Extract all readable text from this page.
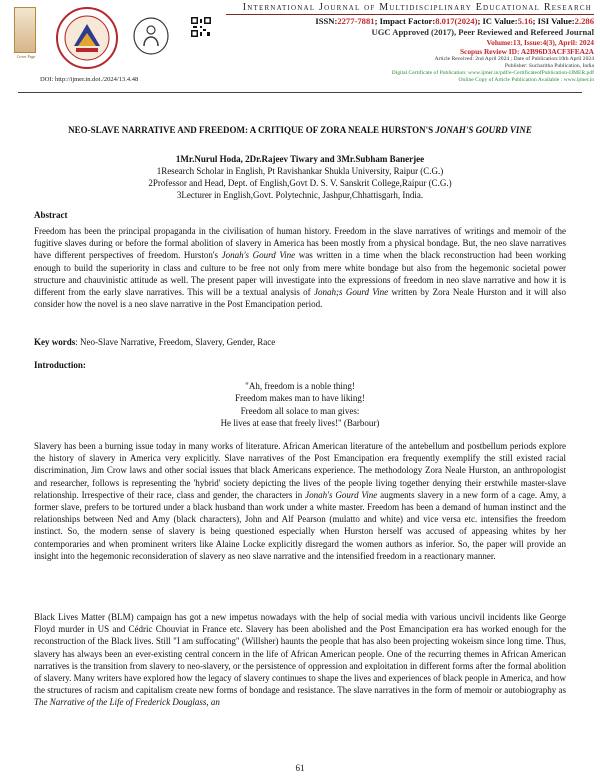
Cover Page
International Journal of Multidisciplinary Educational Research
ISSN:2277-7881; Impact Factor:8.017(2024); IC Value:5.16; ISI Value:2.286
UGC Approved (2017), Peer Reviewed and Refereed Journal
Volume:13, Issue:4(3), April: 2024
Scopus Review ID: A2B96D3ACF3FEA2A
Article Received: 2nd April 2024 ; Date of Publication:10th April 2024
Publisher: Sucharitha Publication, India
Digital Certificate of Publication: www.ijmer.in/pdf/e-CertificateofPublication-IJMER.pdf
Online Copy of Article Publication Available : www.ijmer.in
DOI: http://ijmer.in.doi./2024/13.4.48
NEO-SLAVE NARRATIVE AND FREEDOM: A CRITIQUE OF ZORA NEALE HURSTON'S JONAH'S GOURD VINE
1Mr.Nurul Hoda, 2Dr.Rajeev Tiwary and 3Mr.Subham Banerjee
1Research Scholar in English, Pt Ravishankar Shukla University, Raipur (C.G.)
2Professor and Head, Dept. of English,Govt D. S. V. Sanskrit College,Raipur (C.G.)
3Lecturer in English,Govt. Polytechnic, Jashpur,Chhattisgarh, India.
Abstract
Freedom has been the principal propaganda in the civilisation of human history. Freedom in the slave narratives of writings and memoir of the fugitive slaves during or before the formal abolition of slavery in America has been mostly from a physical bondage. But, the neo slave narratives have different perspectives of freedom. Hurston's Jonah's Gourd Vine was written in a time when the black reconstruction had been working enough to build the superiority in class and culture to be free not only from mere white bondage but also from the hegemonic societal power structure and chauvinistic attitude as well. The present paper will investigate into the expressions of freedom in neo slave narrative and how it is different from the early slave narratives. This will be a textual analysis of Jonah;s Gourd Vine written by Zora Neale Hurston and it will also consider how the novel is a neo slave narrative in the Post Emancipation period.
Key words: Neo-Slave Narrative, Freedom, Slavery, Gender, Race
Introduction:
"Ah, freedom is a noble thing!
Freedom makes man to have liking!
Freedom all solace to man gives:
He lives at ease that freely lives!" (Barbour)
Slavery has been a burning issue today in many works of literature. African American literature of the antebellum and postbellum periods explore the history of slavery in America very explicitly. Slave narratives of the Post Emancipation era frequently exemplify the still existed racial discrimination, Jim Crow laws and other social issues that black Americans experience. The methodology Zora Neale Hurston, an anthropologist and researcher, follows is representing the 'hybrid' society depicting the lives of the people living together denying their erstwhile master-slave relationship. Irrespective of their race, class and gender, the characters in Jonah's Gourd Vine augments slavery in a new form of a cage. Amy, a former slave, prefers to be tortured under a black husband than work under a white master. Freedom has been a demand of human instinct and the relationships between Ned and Amy (black characters), John and Alf Pearson (mulatto and white) and vice versa etc. intensifies the freedom instinct. So, the modern sense of slavery is being questioned especially when Hurston herself was accused of appeasing whites by her contemporaries and when prominent writers like Alaine Locke explicitly disregard the women authors as inferior. So, the paper will provide an insight into the hegemonic reconsideration of slavery as neo slave narrative and the intensified freedom in a reactionary manner.
Black Lives Matter (BLM) campaign has got a new impetus nowadays with the help of social media with various uncivil incidents like George Floyd murder in US and Cédric Chouviat in France etc. Slavery has been abolished and the Post Emancipation era has worked enough for the reconstruction of the Black lives. Still "I am suffocating" (Willsher) haunts the people that has also been projecting wokeism since long time. Thus, slavery has always been an ever-existing central concern in the life of African American people. One of the recurring themes in African American narratives is the transition from slavery to neo-slavery, or the persistence of oppression and exploitation in different forms after the formal abolition of slavery. Many writers have explored how the legacy of slavery continues to shape the lives and experiences of black people in America, and how the structures of racism and capitalism create new forms of bondage and resistance. The slave narratives in the form of memoir or autobiography as The Narrative of the Life of Frederick Douglass, an
61
